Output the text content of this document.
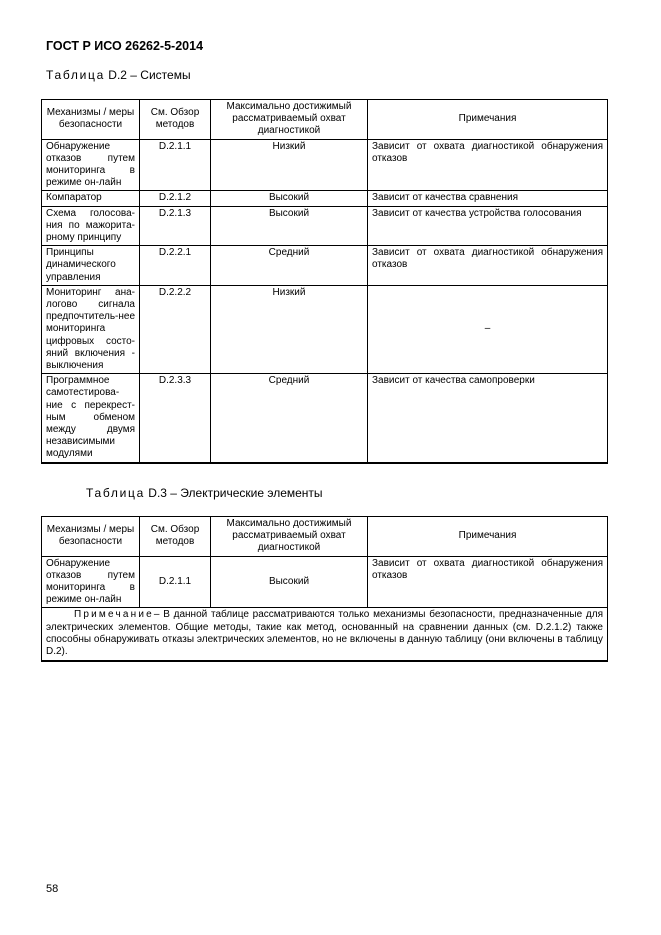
ГОСТ Р ИСО 26262-5-2014
Таблица D.2 – Системы
Механизмы / меры безопасности	См. Обзор методов	Максимально достижимый рассматриваемый охват диагностикой	Примечания
Обнаружение отказов путем мониторинга в режиме он-лайн	D.2.1.1	Низкий	Зависит от охвата диагностикой обнаружения отказов
Компаратор	D.2.1.2	Высокий	Зависит от качества сравнения
Схема голосова-ния по мажорита-рному принципу	D.2.1.3	Высокий	Зависит от качества устройства голосования
Принципы динамического управления	D.2.2.1	Средний	Зависит от охвата диагностикой обнаружения отказов
Мониторинг ана-логово сигнала предпочтитель-нее мониторинга цифровых состо-яний включения - выключения	D.2.2.2	Низкий	–
Программное самотестирова-ние с перекрест-ным обменом между двумя независимыми модулями	D.2.3.3	Средний	Зависит от качества самопроверки
Таблица D.3 – Электрические элементы
Механизмы / меры безопасности	См. Обзор методов	Максимально достижимый рассматриваемый охват диагностикой	Примечания
Обнаружение отказов путем мониторинга в режиме он-лайн	D.2.1.1	Высокий	Зависит от охвата диагностикой обнаружения отказов
Примечание– В данной таблице рассматриваются только механизмы безопасности, предназначенные для электрических элементов. Общие методы, такие как метод, основанный на сравнении данных (см. D.2.1.2) также способны обнаруживать отказы электрических элементов, но не включены в данную таблицу (они включены в таблицу D.2).			
58
